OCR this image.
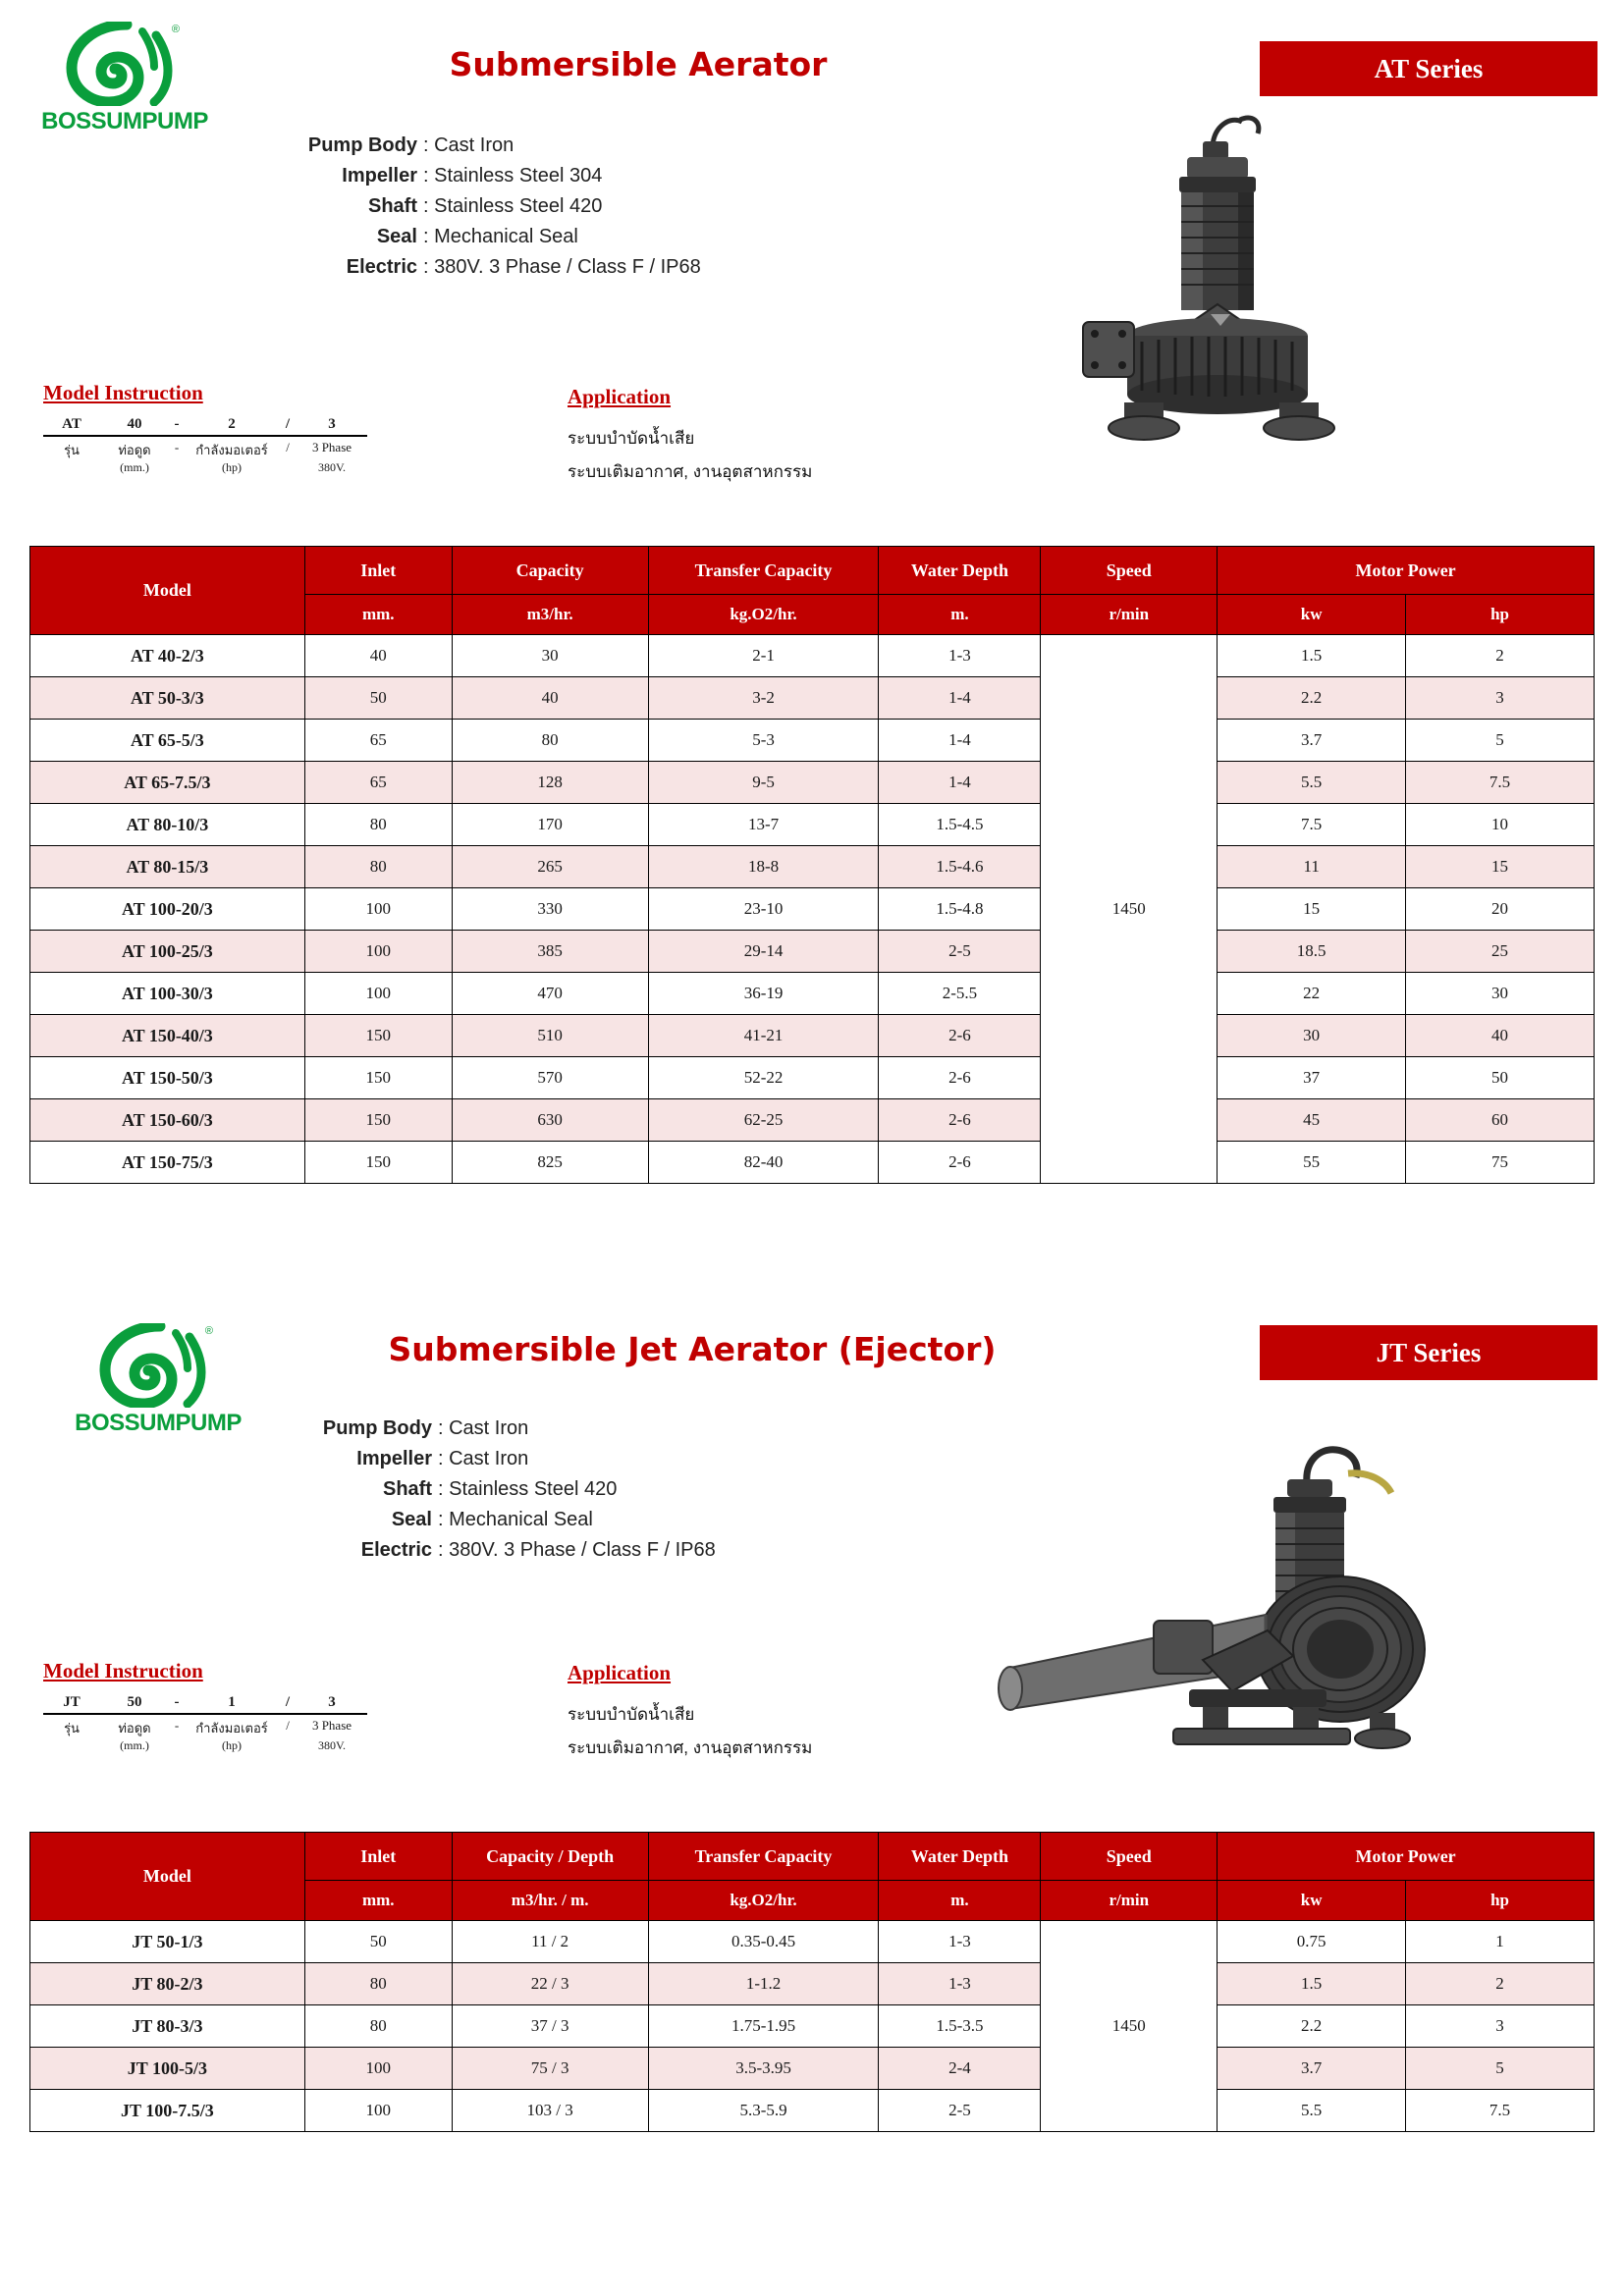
®
BOSSUMPUMP
Submersible Aerator	AT Series
Pump Body : Cast Iron
Impeller : Stainless Steel 304
Shaft : Stainless Steel 420
Seal : Mechanical Seal
Electric : 380V. 3 Phase / Class F / IP68
Model Instruction
AT	40	-	2	/	3
รุ่น	ท่อดูด	-	กำลังมอเตอร์	/	3 Phase
(mm.)	(hp)	380V.
Application
ระบบบำบัดน้ำเสีย
ระบบเติมอากาศ, งานอุตสาหกรรม
Model	Inlet	Capacity	Transfer Capacity	Water Depth	Speed	Motor Power	
	mm.	m3/hr.	kg.O2/hr.	m.	r/min	kw	hp
AT 40-2/3	40	30	2-1	1-3	1450	1.5	2
AT 50-3/3	50	40	3-2	1-4		2.2	3
AT 65-5/3	65	80	5-3	1-4		3.7	5
AT 65-7.5/3	65	128	9-5	1-4		5.5	7.5
AT 80-10/3	80	170	13-7	1.5-4.5		7.5	10
AT 80-15/3	80	265	18-8	1.5-4.6		11	15
AT 100-20/3	100	330	23-10	1.5-4.8		15	20
AT 100-25/3	100	385	29-14	2-5		18.5	25
AT 100-30/3	100	470	36-19	2-5.5		22	30
AT 150-40/3	150	510	41-21	2-6		30	40
AT 150-50/3	150	570	52-22	2-6		37	50
AT 150-60/3	150	630	62-25	2-6		45	60
AT 150-75/3	150	825	82-40	2-6		55	75
®
BOSSUMPUMP
Submersible Jet Aerator (Ejector)	JT Series
Pump Body : Cast Iron
Impeller : Cast Iron
Shaft : Stainless Steel 420
Seal : Mechanical Seal
Electric : 380V. 3 Phase / Class F / IP68
Model Instruction
JT	50	-	1	/	3
รุ่น	ท่อดูด	-	กำลังมอเตอร์	/	3 Phase
(mm.)	(hp)	380V.
Application
ระบบบำบัดน้ำเสีย
ระบบเติมอากาศ, งานอุตสาหกรรม
Model	Inlet	Capacity / Depth	Transfer Capacity	Water Depth	Speed	Motor Power	
	mm.	m3/hr. / m.	kg.O2/hr.	m.	r/min	kw	hp
JT 50-1/3	50	11 / 2	0.35-0.45	1-3	1450	0.75	1
JT 80-2/3	80	22 / 3	1-1.2	1-3		1.5	2
JT 80-3/3	80	37 / 3	1.75-1.95	1.5-3.5		2.2	3
JT 100-5/3	100	75 / 3	3.5-3.95	2-4		3.7	5
JT 100-7.5/3	100	103 / 3	5.3-5.9	2-5		5.5	7.5
